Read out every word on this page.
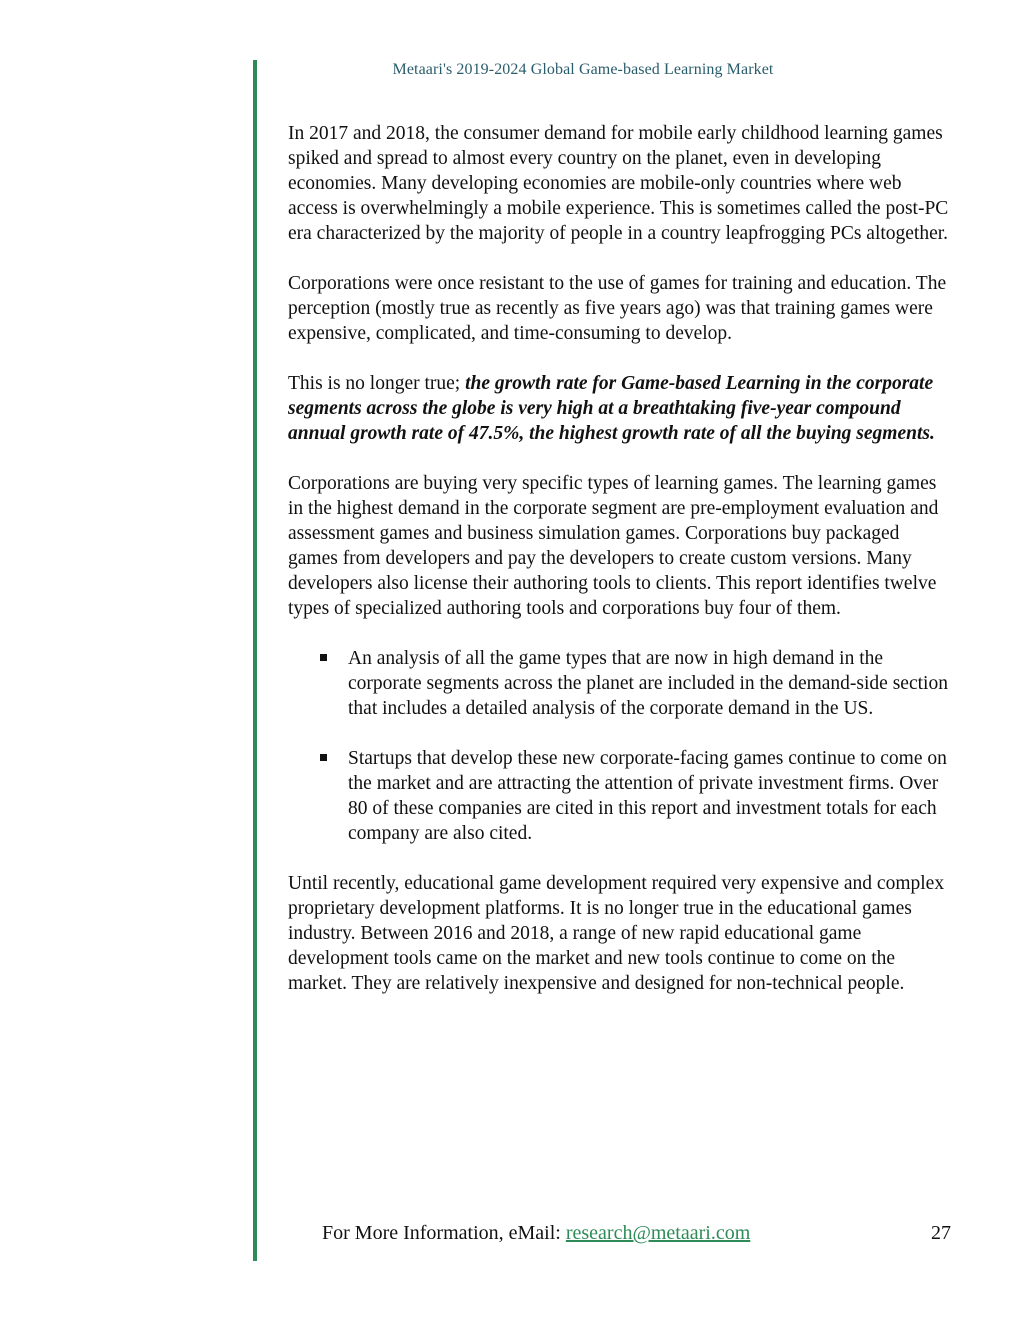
Metaari's 2019-2024 Global Game-based Learning Market

In 2017 and 2018, the consumer demand for mobile early childhood learning games spiked and spread to almost every country on the planet, even in developing economies. Many developing economies are mobile-only countries where web access is overwhelmingly a mobile experience. This is sometimes called the post-PC era characterized by the majority of people in a country leapfrogging PCs altogether.

Corporations were once resistant to the use of games for training and education. The perception (mostly true as recently as five years ago) was that training games were expensive, complicated, and time-consuming to develop.

This is no longer true; the growth rate for Game-based Learning in the corporate segments across the globe is very high at a breathtaking five-year compound annual growth rate of 47.5%, the highest growth rate of all the buying segments.

Corporations are buying very specific types of learning games. The learning games in the highest demand in the corporate segment are pre-employment evaluation and assessment games and business simulation games. Corporations buy packaged games from developers and pay the developers to create custom versions. Many developers also license their authoring tools to clients. This report identifies twelve types of specialized authoring tools and corporations buy four of them.

An analysis of all the game types that are now in high demand in the corporate segments across the planet are included in the demand-side section that includes a detailed analysis of the corporate demand in the US.
Startups that develop these new corporate-facing games continue to come on the market and are attracting the attention of private investment firms. Over 80 of these companies are cited in this report and investment totals for each company are also cited.

Until recently, educational game development required very expensive and complex proprietary development platforms. It is no longer true in the educational games industry. Between 2016 and 2018, a range of new rapid educational game development tools came on the market and new tools continue to come on the market. They are relatively inexpensive and designed for non-technical people.

For More Information, eMail: research@metaari.com	27
